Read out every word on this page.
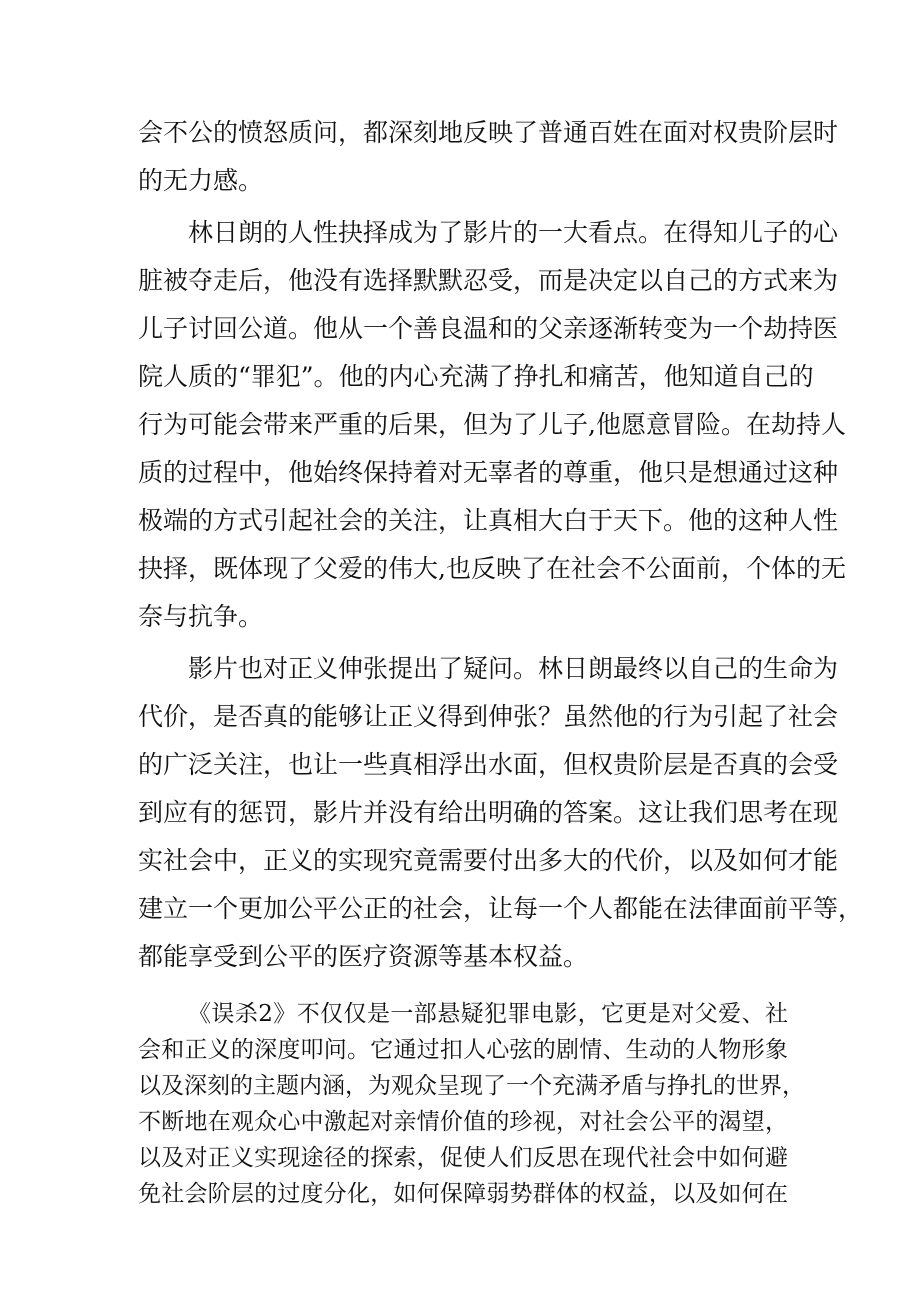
会不公的愤怒质问，都深刻地反映了普通百姓在面对权贵阶层时
的无力感。
林日朗的人性抉择成为了影片的一大看点。在得知儿子的心
脏被夺走后，他没有选择默默忍受，而是决定以自己的方式来为
儿子讨回公道。他从一个善良温和的父亲逐渐转变为一个劫持医
院人质的“罪犯”。他的内心充满了挣扎和痛苦，他知道自己的
行为可能会带来严重的后果，但为了儿子,他愿意冒险。在劫持人
质的过程中，他始终保持着对无辜者的尊重，他只是想通过这种
极端的方式引起社会的关注，让真相大白于天下。他的这种人性
抉择，既体现了父爱的伟大,也反映了在社会不公面前，个体的无
奈与抗争。
影片也对正义伸张提出了疑问。林日朗最终以自己的生命为
代价，是否真的能够让正义得到伸张？虽然他的行为引起了社会
的广泛关注，也让一些真相浮出水面，但权贵阶层是否真的会受
到应有的惩罚，影片并没有给出明确的答案。这让我们思考在现
实社会中，正义的实现究竟需要付出多大的代价，以及如何才能
建立一个更加公平公正的社会，让每一个人都能在法律面前平等，
都能享受到公平的医疗资源等基本权益。
《误杀2》不仅仅是一部悬疑犯罪电影，它更是对父爱、社
会和正义的深度叩问。它通过扣人心弦的剧情、生动的人物形象
以及深刻的主题内涵，为观众呈现了一个充满矛盾与挣扎的世界，
不断地在观众心中激起对亲情价值的珍视，对社会公平的渴望，
以及对正义实现途径的探索，促使人们反思在现代社会中如何避
免社会阶层的过度分化，如何保障弱势群体的权益，以及如何在
